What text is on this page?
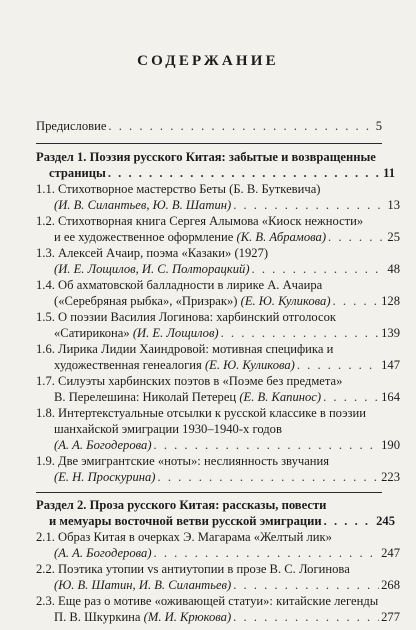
СОДЕРЖАНИЕ
Предисловие . . .	5
Раздел 1. Поэзия русского Китая: забытые и возвращенные
страницы . . .	11
1.1. Стихотворное мастерство Беты (Б. В. Буткевича)
(И. В. Силантьев, Ю. В. Шатин) . . .	13
1.2. Стихотворная книга Сергея Алымова «Киоск нежности»
и ее художественное оформление
(К. В. Абрамова) . . .	25
1.3. Алексей Ачаир, поэма «Казаки» (1927)
(И. Е. Лощилов, И. С. Полторацкий) . . .	48
1.4. Об ахматовской балладности в лирике А. Ачаира
(«Серебряная рыбка», «Призрак»)
(Е. Ю. Куликова) . . .	128
1.5. О поэзии Василия Логинова: харбинский отголосок
«Сатирикона»
(И. Е. Лощилов) . . .	139
1.6. Лирика Лидии Хаиндровой: мотивная специфика и
художественная генеалогия
(Е. Ю. Куликова) . . .	147
1.7. Силуэты харбинских поэтов в «Поэме без предмета»
В. Перелешина: Николай Петерец
(Е. В. Капинос) . . .	164
1.8. Интертекстуальные отсылки к русской классике в поэзии
шанхайской эмиграции 1930–1940-х годов
(А. А. Богодерова) . . .	190
1.9. Две эмигрантские «ноты»: неслиянность звучания
(Е. Н. Проскурина) . . .	223
Раздел 2. Проза русского Китая: рассказы, повести
и мемуары восточной ветви русской эмиграции . . .	245
2.1. Образ Китая в очерках Э. Магарама «Желтый лик»
(А. А. Богодерова) . . .	247
2.2. Поэтика утопии vs антиутопии в прозе В. С. Логинова
(Ю. В. Шатин, И. В. Силантьев) . . .	268
2.3. Еще раз о мотиве «оживающей статуи»: китайские легенды
П. В. Шкуркина
(М. И. Крюкова) . . .	277
